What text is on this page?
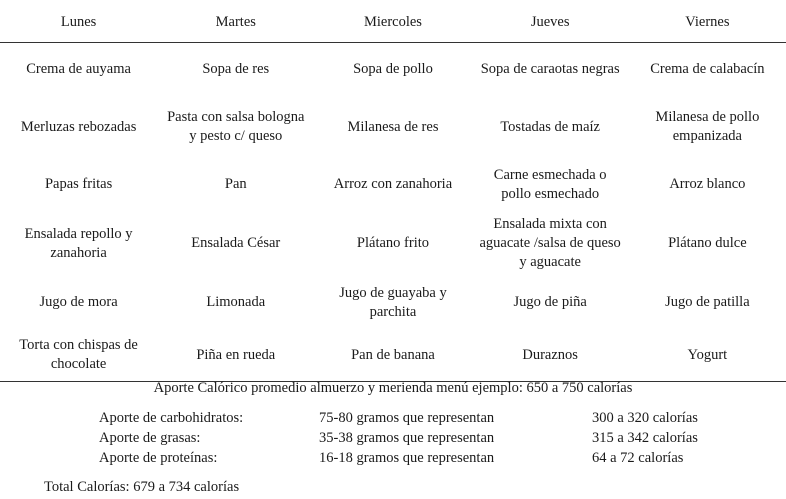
Lunes	Martes	Miercoles	Jueves	Viernes
Crema de auyama	Sopa de res	Sopa de pollo	Sopa de caraotas negras	Crema de calabacín
Merluzas rebozadas	Pasta con salsa bologna y pesto c/ queso	Milanesa de res	Tostadas de maíz	Milanesa de pollo empanizada
Papas fritas	Pan	Arroz con zanahoria	Carne esmechada o pollo esmechado	Arroz blanco
Ensalada repollo y zanahoria	Ensalada César	Plátano frito	Ensalada mixta con aguacate /salsa de queso y aguacate	Plátano dulce
Jugo de mora	Limonada	Jugo de guayaba y parchita	Jugo de piña	Jugo de patilla
Torta con chispas de chocolate	Piña en rueda	Pan de banana	Duraznos	Yogurt
Aporte Calórico promedio almuerzo y merienda menú ejemplo: 650 a 750 calorías
Aporte de carbohidratos:	75-80 gramos que representan	300 a 320 calorías
Aporte de grasas:	35-38 gramos que representan	315 a 342 calorías
Aporte de proteínas:	16-18 gramos que representan	64 a 72 calorías
Total Calorías: 679 a 734 calorías
